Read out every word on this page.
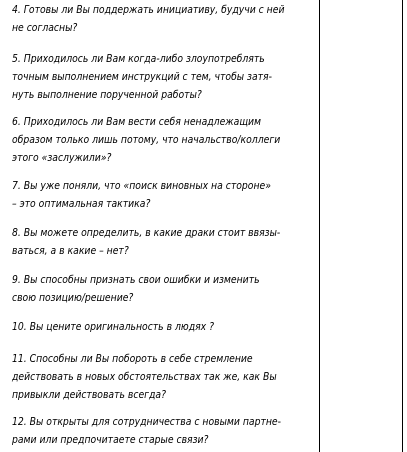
4. Готовы ли Вы поддержать инициативу, будучи с ней
не согласны?

5. Приходилось ли Вам когда-либо злоупотреблять
точным выполнением инструкций с тем, чтобы затя-
нуть выполнение порученной работы?

6. Приходилось ли Вам вести себя ненадлежащим
образом только лишь потому, что начальство/коллеги
этого «заслужили»?

7. Вы уже поняли, что «поиск виновных на стороне»
– это оптимальная тактика?

8. Вы можете определить, в какие драки стоит ввязы-
ваться, а в какие – нет?

9. Вы способны признать свои ошибки и изменить
свою позицию/решение?

10. Вы цените оригинальность в людях ?

11. Способны ли Вы побороть в себе стремление
действовать в новых обстоятельствах так же, как Вы
привыкли действовать всегда?

12. Вы открыты для сотрудничества с новыми партне-
рами или предпочитаете старые связи?
